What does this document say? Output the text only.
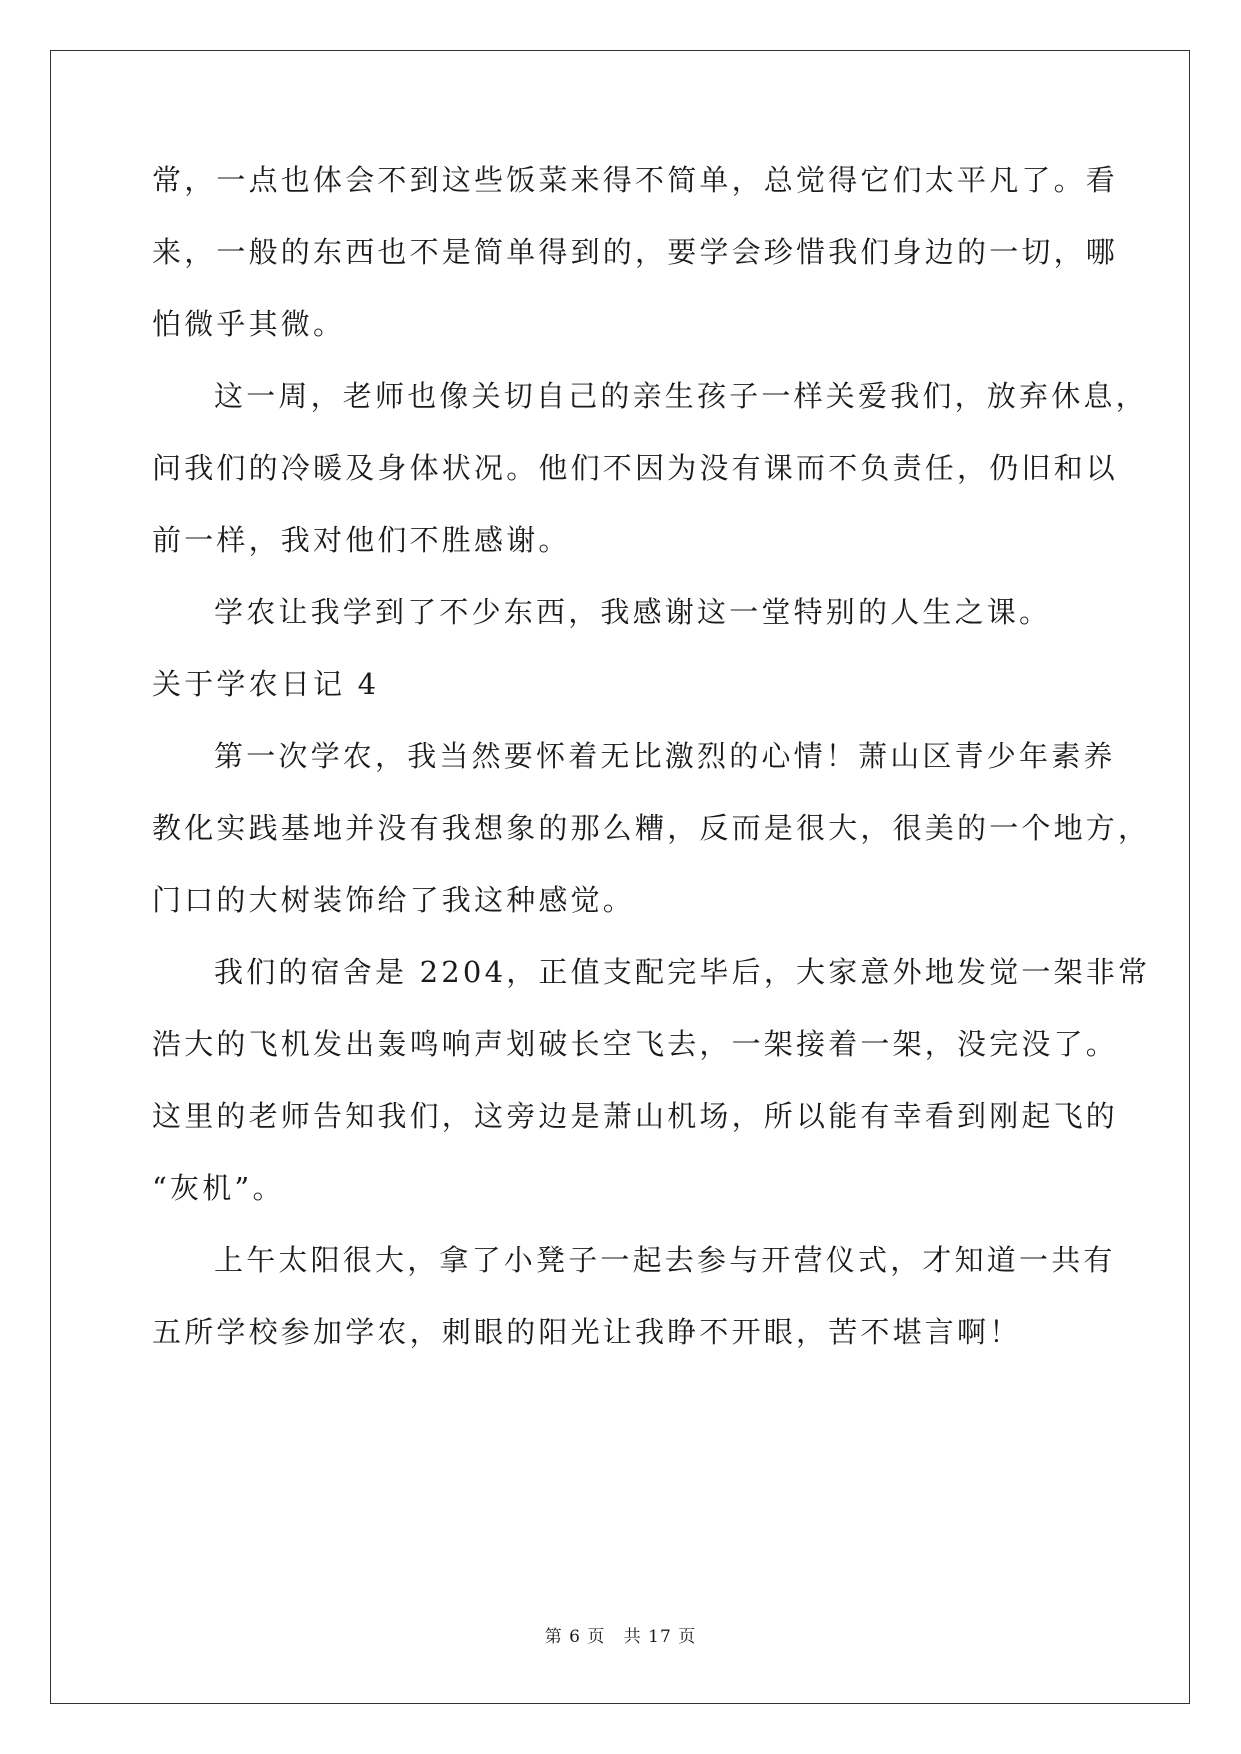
常，一点也体会不到这些饭菜来得不简单，总觉得它们太平凡了。看
来，一般的东西也不是简单得到的，要学会珍惜我们身边的一切，哪
怕微乎其微。
这一周，老师也像关切自己的亲生孩子一样关爱我们，放弃休息，
问我们的冷暖及身体状况。他们不因为没有课而不负责任，仍旧和以
前一样，我对他们不胜感谢。
学农让我学到了不少东西，我感谢这一堂特别的人生之课。
关于学农日记 4
第一次学农，我当然要怀着无比激烈的心情！萧山区青少年素养
教化实践基地并没有我想象的那么糟，反而是很大，很美的一个地方，
门口的大树装饰给了我这种感觉。
我们的宿舍是 2204，正值支配完毕后，大家意外地发觉一架非常
浩大的飞机发出轰鸣响声划破长空飞去，一架接着一架，没完没了。
这里的老师告知我们，这旁边是萧山机场，所以能有幸看到刚起飞的
“灰机”。
上午太阳很大，拿了小凳子一起去参与开营仪式，才知道一共有
五所学校参加学农，刺眼的阳光让我睁不开眼，苦不堪言啊！
第 6 页 共 17 页
